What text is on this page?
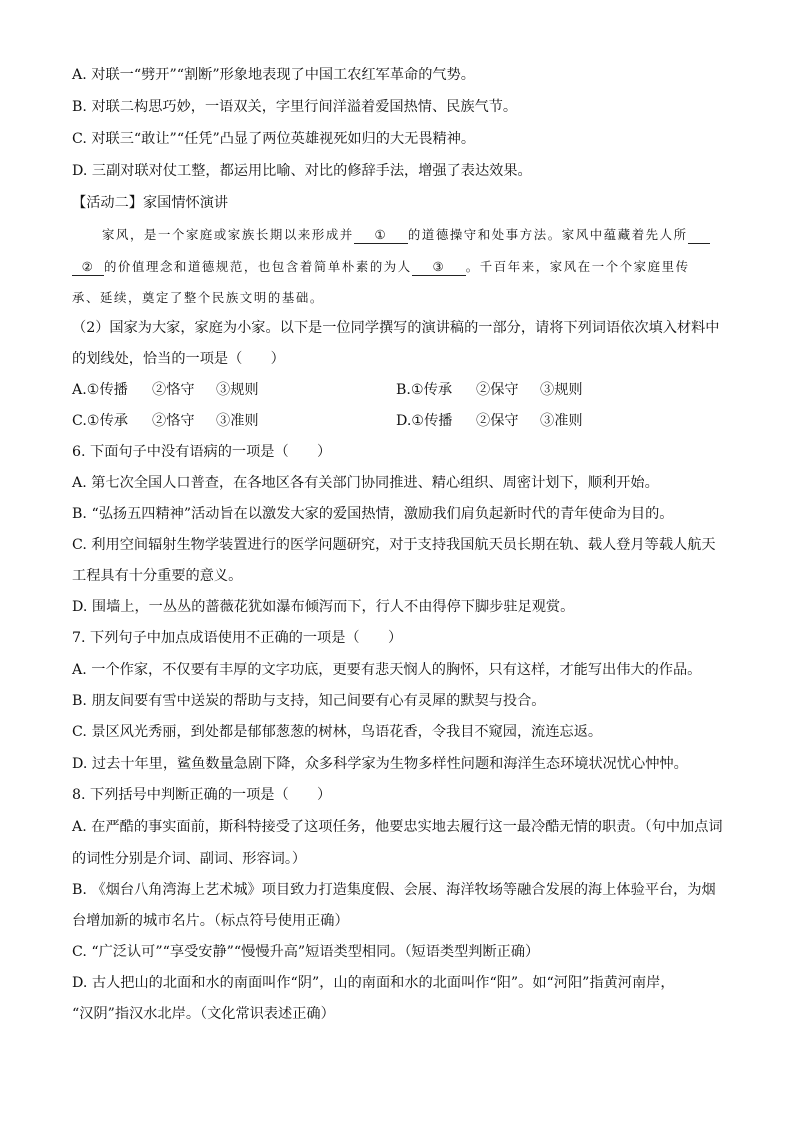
A. 对联一“劈开”“割断”形象地表现了中国工农红军革命的气势。
B. 对联二构思巧妙，一语双关，字里行间洋溢着爱国热情、民族气节。
C. 对联三“敢让”“任凭”凸显了两位英雄视死如归的大无畏精神。
D. 三副对联对仗工整，都运用比喻、对比的修辞手法，增强了表达效果。
【活动二】家国情怀演讲
家风，是一个家庭或家族长期以来形成并 ① 的道德操守和处事方法。家风中蕴藏着先人所
② 的价值理念和道德规范，也包含着简单朴素的为人 ③ 。千百年来，家风在一个个家庭里传
承、延续，奠定了整个民族文明的基础。
（2）国家为大家，家庭为小家。以下是一位同学撰写的演讲稿的一部分，请将下列词语依次填入材料中
的划线处，恰当的一项是（　　）
A.①传播 ②恪守 ③规则	B.①传承 ②保守 ③规则
C.①传承 ②恪守 ③准则	D.①传播 ②保守 ③准则
6. 下面句子中没有语病的一项是（　　）
A. 第七次全国人口普查，在各地区各有关部门协同推进、精心组织、周密计划下，顺利开始。
B. “弘扬五四精神”活动旨在以激发大家的爱国热情，激励我们肩负起新时代的青年使命为目的。
C. 利用空间辐射生物学装置进行的医学问题研究，对于支持我国航天员长期在轨、载人登月等载人航天
工程具有十分重要的意义。
D. 围墙上，一丛丛的蔷薇花犹如瀑布倾泻而下，行人不由得停下脚步驻足观赏。
7. 下列句子中加点成语使用不正确的一项是（　　）
A. 一个作家，不仅要有丰厚的文字功底，更要有悲天悯人的胸怀，只有这样，才能写出伟大的作品。
B. 朋友间要有雪中送炭的帮助与支持，知己间要有心有灵犀的默契与投合。
C. 景区风光秀丽，到处都是郁郁葱葱的树林，鸟语花香，令我目不窥园，流连忘返。
D. 过去十年里，鲨鱼数量急剧下降，众多科学家为生物多样性问题和海洋生态环境状况忧心忡忡。
8. 下列括号中判断正确的一项是（　　）
A. 在严酷的事实面前，斯科特接受了这项任务，他要忠实地去履行这一最冷酷无情的职责。（句中加点词
的词性分别是介词、副词、形容词。）
B. 《烟台八角湾海上艺术城》项目致力打造集度假、会展、海洋牧场等融合发展的海上体验平台，为烟
台增加新的城市名片。（标点符号使用正确）
C. “广泛认可”“享受安静”“慢慢升高”短语类型相同。（短语类型判断正确）
D. 古人把山的北面和水的南面叫作“阴”，山的南面和水的北面叫作“阳”。如“河阳”指黄河南岸，
“汉阴”指汉水北岸。（文化常识表述正确）
